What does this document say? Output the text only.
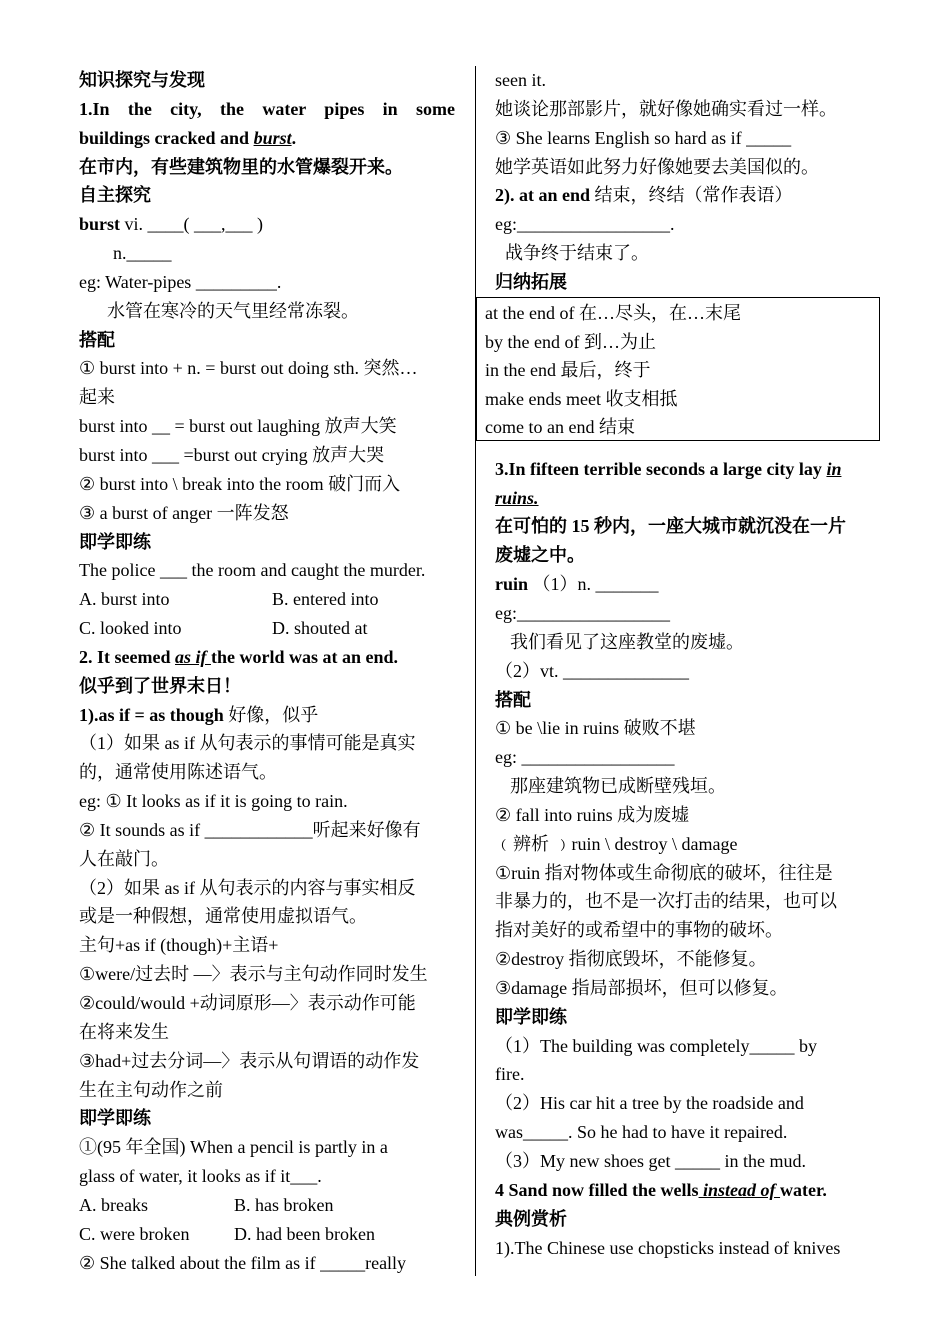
知识探究与发现
1.In the city, the water pipes in some
buildings cracked and burst.
在市内，有些建筑物里的水管爆裂开来。
自主探究
burst vi. ____( ___,___ )
n._____
eg: Water-pipes _________.
水管在寒冷的天气里经常冻裂。
搭配
① burst into + n. = burst out doing sth. 突然…
起来
burst into __ = burst out laughing 放声大笑
burst into ___ =burst out crying 放声大哭
② burst into \ break into the room 破门而入
③ a burst of anger 一阵发怒
即学即练
The police ___ the room and caught the murder.
A. burst into	B. entered into
C. looked into	D. shouted at
2. It seemed as if the world was at an end.
似乎到了世界末日！
1).as if = as though 好像，似乎
（1）如果 as if 从句表示的事情可能是真实
的，通常使用陈述语气。
eg: ① It looks as if it is going to rain.
② It sounds as if ____________听起来好像有
人在敲门。
（2）如果 as if 从句表示的内容与事实相反
或是一种假想，通常使用虚拟语气。
主句+as if (though)+主语+
①were/过去时 —〉表示与主句动作同时发生
②could/would +动词原形—〉表示动作可能
在将来发生
③had+过去分词—〉表示从句谓语的动作发
生在主句动作之前
即学即练
①(95 年全国) When a pencil is partly in a
glass of water, it looks as if it___.
A. breaks	B. has broken
C. were broken	D. had been broken
② She talked about the film as if _____really
seen it.
她谈论那部影片，就好像她确实看过一样。
③ She learns English so hard as if _____
她学英语如此努力好像她要去美国似的。
2). at an end 结束，终结（常作表语）
eg:_________________.
战争终于结束了。
归纳拓展
3.In fifteen terrible seconds a large city lay in
ruins.
在可怕的 15 秒内，一座大城市就沉没在一片
废墟之中。
ruin （1）n. _______
eg:_________________
我们看见了这座教堂的废墟。
（2）vt. ______________
搭配
① be \lie in ruins 破败不堪
eg: _________________
那座建筑物已成断壁残垣。
② fall into ruins 成为废墟
﹙辨析 ﹚ruin \ destroy \ damage
①ruin 指对物体或生命彻底的破坏，往往是
非暴力的，也不是一次打击的结果，也可以
指对美好的或希望中的事物的破坏。
②destroy 指彻底毁坏，不能修复。
③damage 指局部损坏，但可以修复。
即学即练
（1）The building was completely_____ by
fire.
（2）His car hit a tree by the roadside and
was_____. So he had to have it repaired.
（3）My new shoes get _____ in the mud.
4 Sand now filled the wells instead of water.
典例赏析
1).The Chinese use chopsticks instead of knives
at the end of 在…尽头，在…末尾
by the end of 到…为止
in the end 最后，终于
make ends meet 收支相抵
come to an end 结束
